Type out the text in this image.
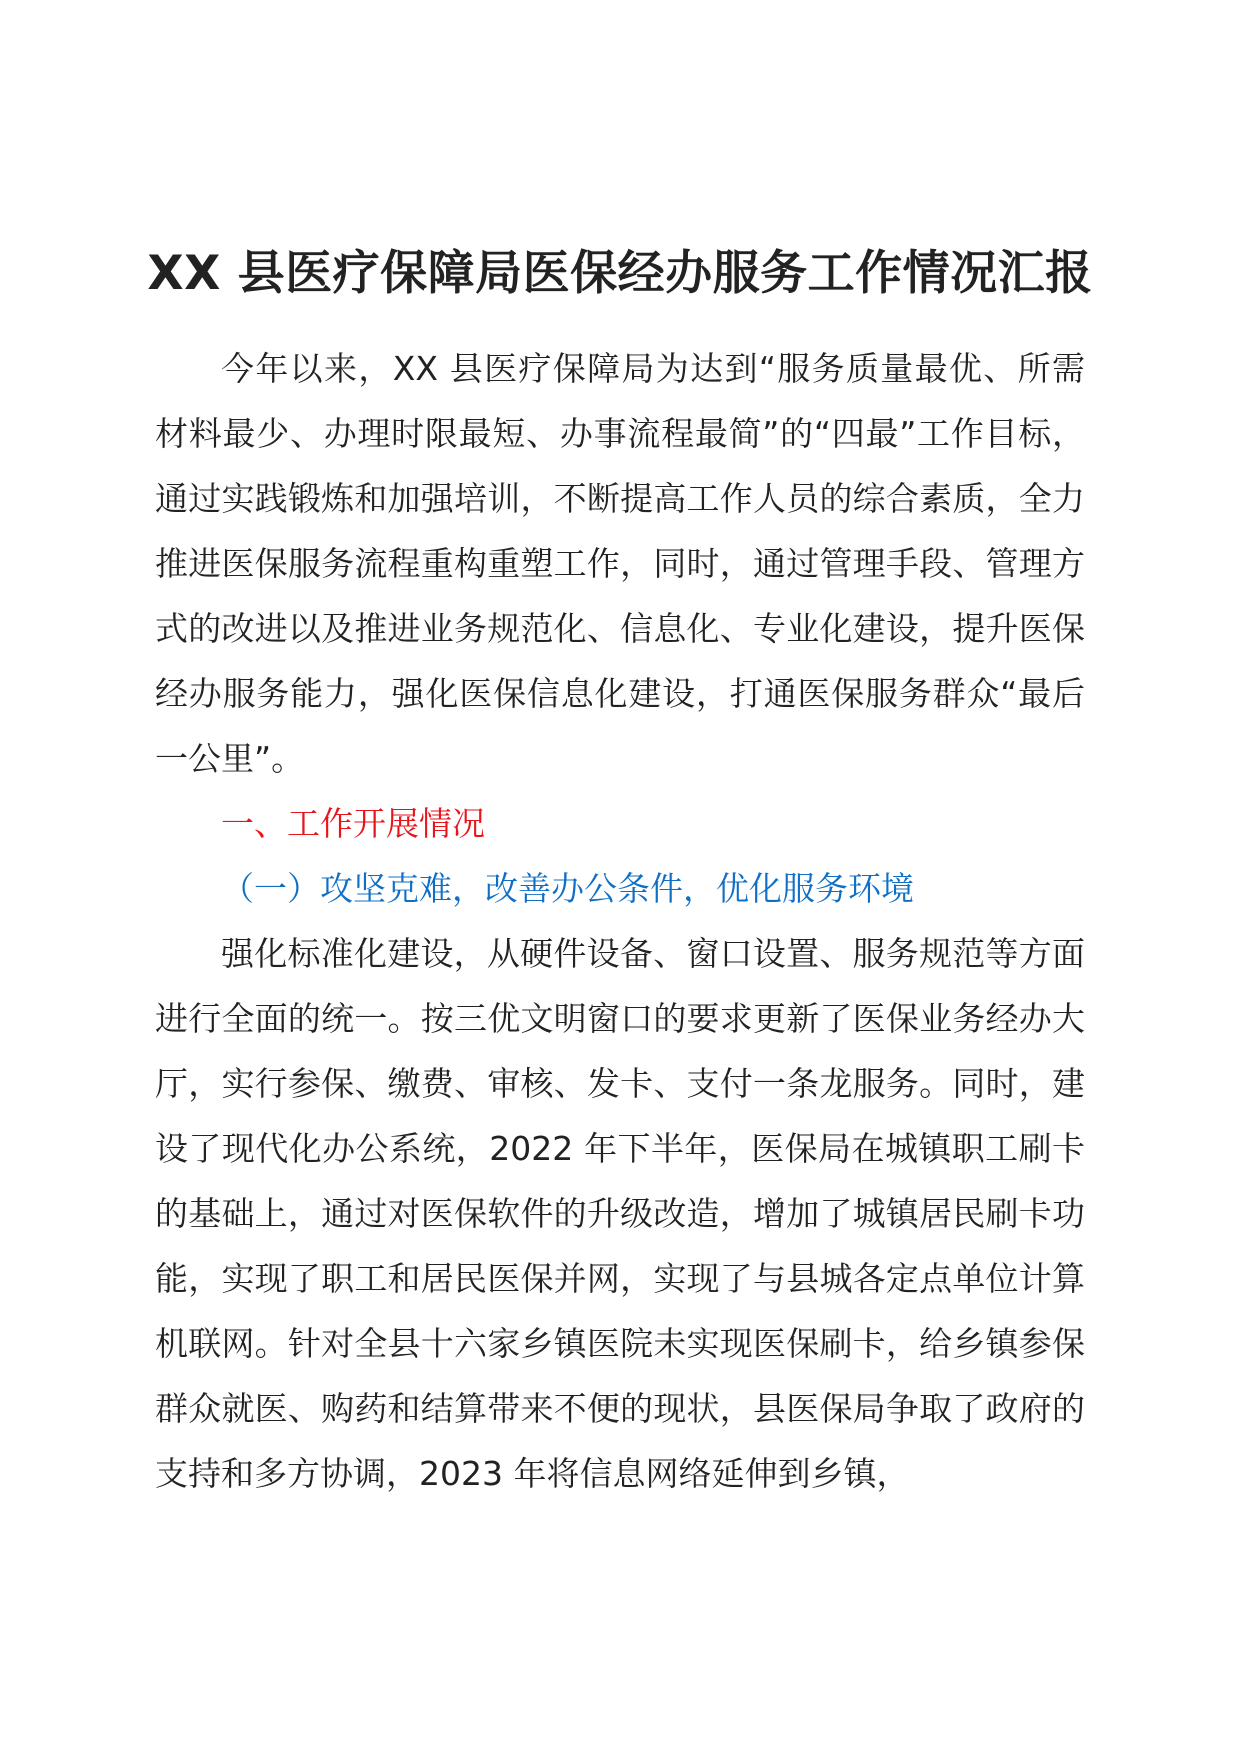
XX 县医疗保障局医保经办服务工作情况汇报

今年以来，XX 县医疗保障局为达到“服务质量最优、所需材料最少、办理时限最短、办事流程最简”的“四最”工作目标，通过实践锻炼和加强培训，不断提高工作人员的综合素质，全力推进医保服务流程重构重塑工作，同时，通过管理手段、管理方式的改进以及推进业务规范化、信息化、专业化建设，提升医保经办服务能力，强化医保信息化建设，打通医保服务群众“最后一公里”。

一、工作开展情况

（一）攻坚克难，改善办公条件，优化服务环境

强化标准化建设，从硬件设备、窗口设置、服务规范等方面进行全面的统一。按三优文明窗口的要求更新了医保业务经办大厅，实行参保、缴费、审核、发卡、支付一条龙服务。同时，建设了现代化办公系统，2022 年下半年，医保局在城镇职工刷卡的基础上，通过对医保软件的升级改造，增加了城镇居民刷卡功能，实现了职工和居民医保并网，实现了与县城各定点单位计算机联网。针对全县十六家乡镇医院未实现医保刷卡，给乡镇参保群众就医、购药和结算带来不便的现状，县医保局争取了政府的支持和多方协调，2023 年将信息网络延伸到乡镇，
